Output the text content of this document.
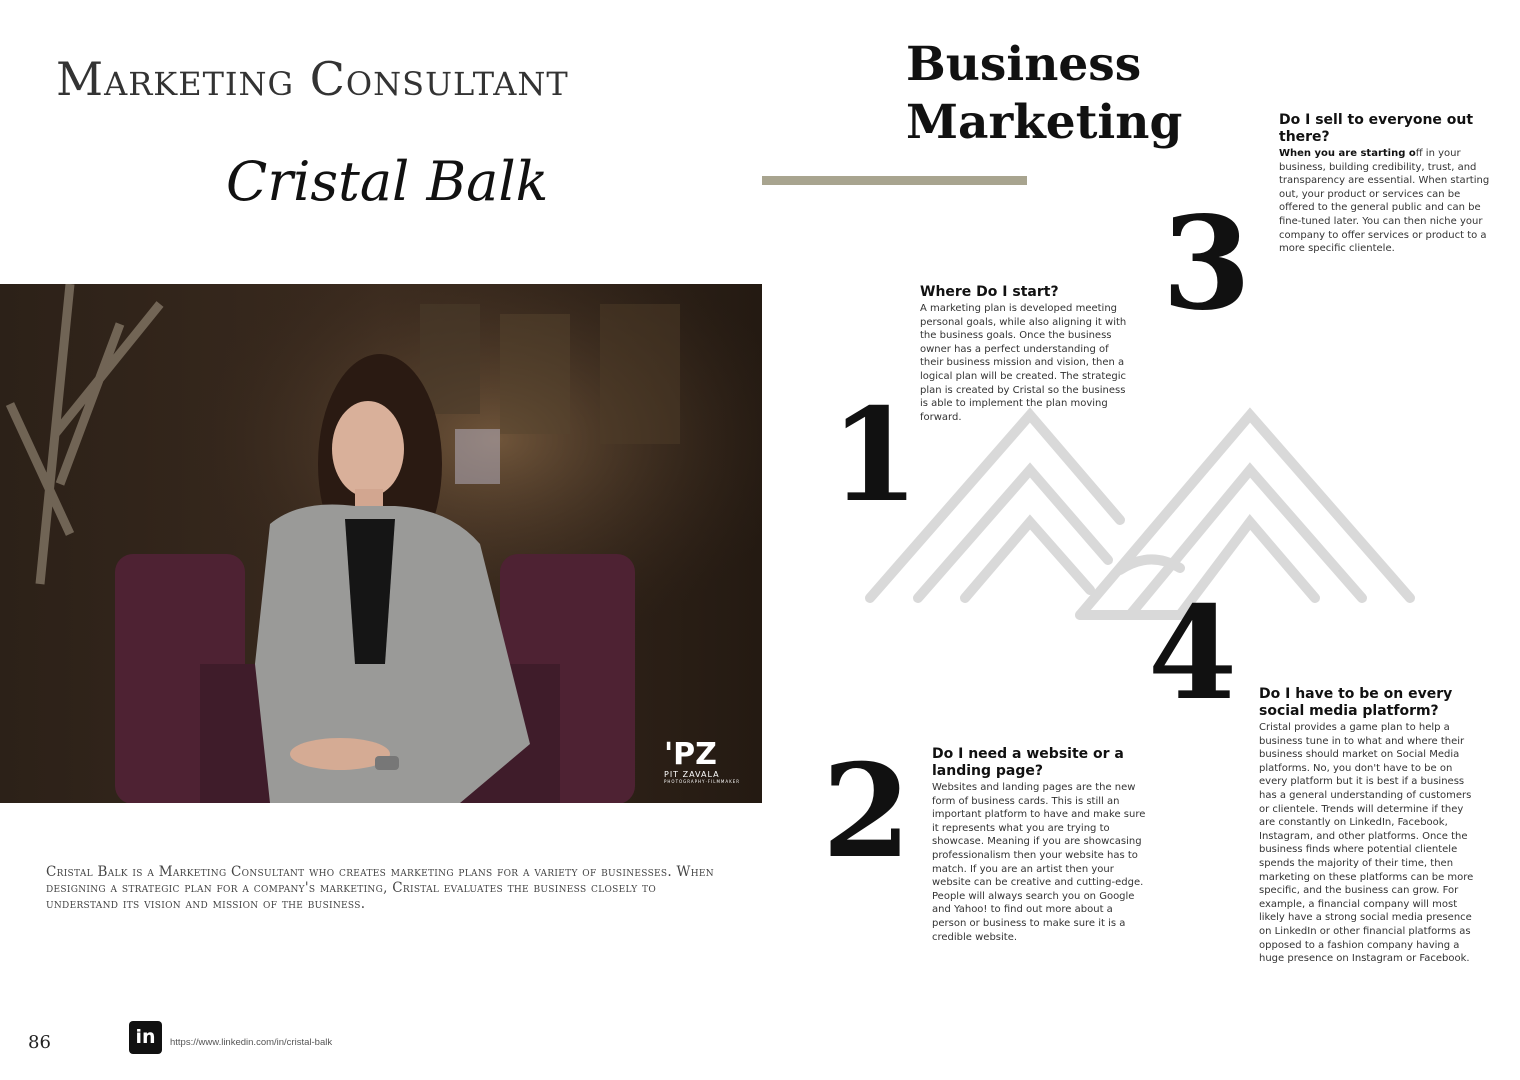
Marketing Consultant
Cristal Balk
'PZ
PIT ZAVALA
PHOTOGRAPHY·FILMMAKER
Cristal Balk is a Marketing Consultant who creates marketing plans for a variety of businesses. When designing a strategic plan for a company's marketing, Cristal evaluates the business closely to understand its vision and mission of the business.
86	in	https://www.linkedin.com/in/cristal-balk
Business
Marketing
1
2
3
4
Where Do I start?
A marketing plan is developed meeting personal goals, while also aligning it with the business goals. Once the business owner has a perfect understanding of their business mission and vision, then a logical plan will be created. The strategic plan is created by Cristal so the business is able to implement the plan moving forward.
Do I need a website or a landing page?
Websites and landing pages are the new form of business cards. This is still an important platform to have and make sure it represents what you are trying to showcase. Meaning if you are showcasing professionalism then your website has to match. If you are an artist then your website can be creative and cutting-edge. People will always search you on Google and Yahoo! to find out more about a person or business to make sure it is a credible website.
Do I sell to everyone out there?
When you are starting off in your business, building credibility, trust, and transparency are essential. When starting out, your product or services can be offered to the general public and can be fine-tuned later. You can then niche your company to offer services or product to a more specific clientele.
Do I have to be on every social media platform?
Cristal provides a game plan to help a business tune in to what and where their business should market on Social Media platforms. No, you don't have to be on every platform but it is best if a business has a general understanding of customers or clientele. Trends will determine if they are constantly on LinkedIn, Facebook, Instagram, and other platforms. Once the business finds where potential clientele spends the majority of their time, then marketing on these platforms can be more specific, and the business can grow. For example, a financial company will most likely have a strong social media presence on LinkedIn or other financial platforms as opposed to a fashion company having a huge presence on Instagram or Facebook.
